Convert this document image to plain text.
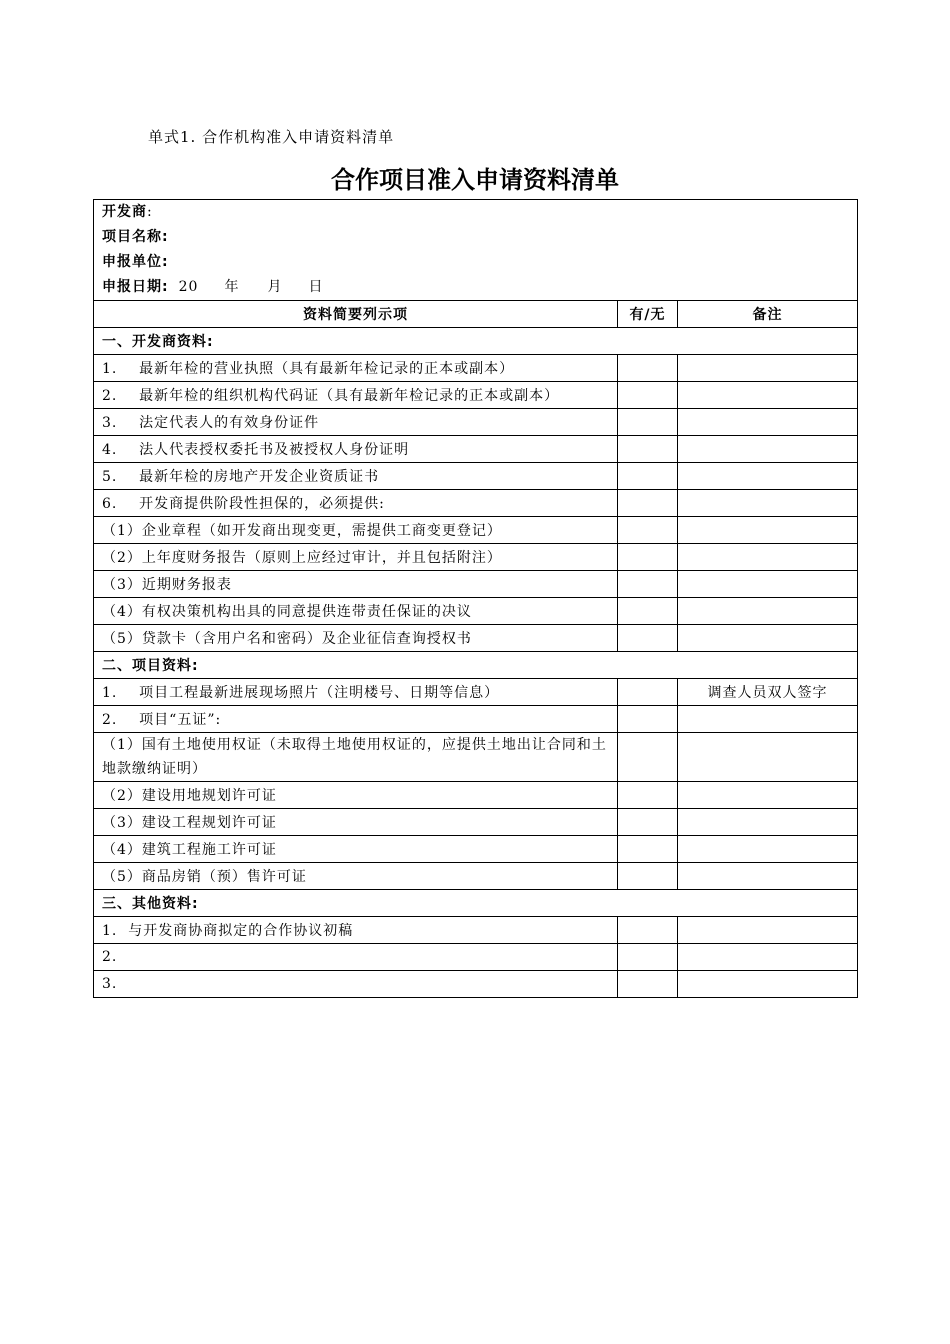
单式1. 合作机构准入申请资料清单
合作项目准入申请资料清单
开发商:
项目名称:
申报单位:
申报日期: 20 年 月 日		

资料简要列示项	有/无	备注
一、开发商资料:		
1.    最新年检的营业执照（具有最新年检记录的正本或副本）		
2.    最新年检的组织机构代码证（具有最新年检记录的正本或副本）		
3.    法定代表人的有效身份证件		
4.    法人代表授权委托书及被授权人身份证明		
5.    最新年检的房地产开发企业资质证书		
6.    开发商提供阶段性担保的，必须提供:		
（1）企业章程（如开发商出现变更，需提供工商变更登记）		
（2）上年度财务报告（原则上应经过审计，并且包括附注）		
（3）近期财务报表		
（4）有权决策机构出具的同意提供连带责任保证的决议		
（5）贷款卡（含用户名和密码）及企业征信查询授权书		
二、项目资料:		
1.    项目工程最新进展现场照片（注明楼号、日期等信息）		调查人员双人签字
2.    项目“五证”:		
（1）国有土地使用权证（未取得土地使用权证的，应提供土地出让合同和土地款缴纳证明）		
（2）建设用地规划许可证		
（3）建设工程规划许可证		
（4）建筑工程施工许可证		
（5）商品房销（预）售许可证		
三、其他资料:		
1.  与开发商协商拟定的合作协议初稿		
2.		
3.		
